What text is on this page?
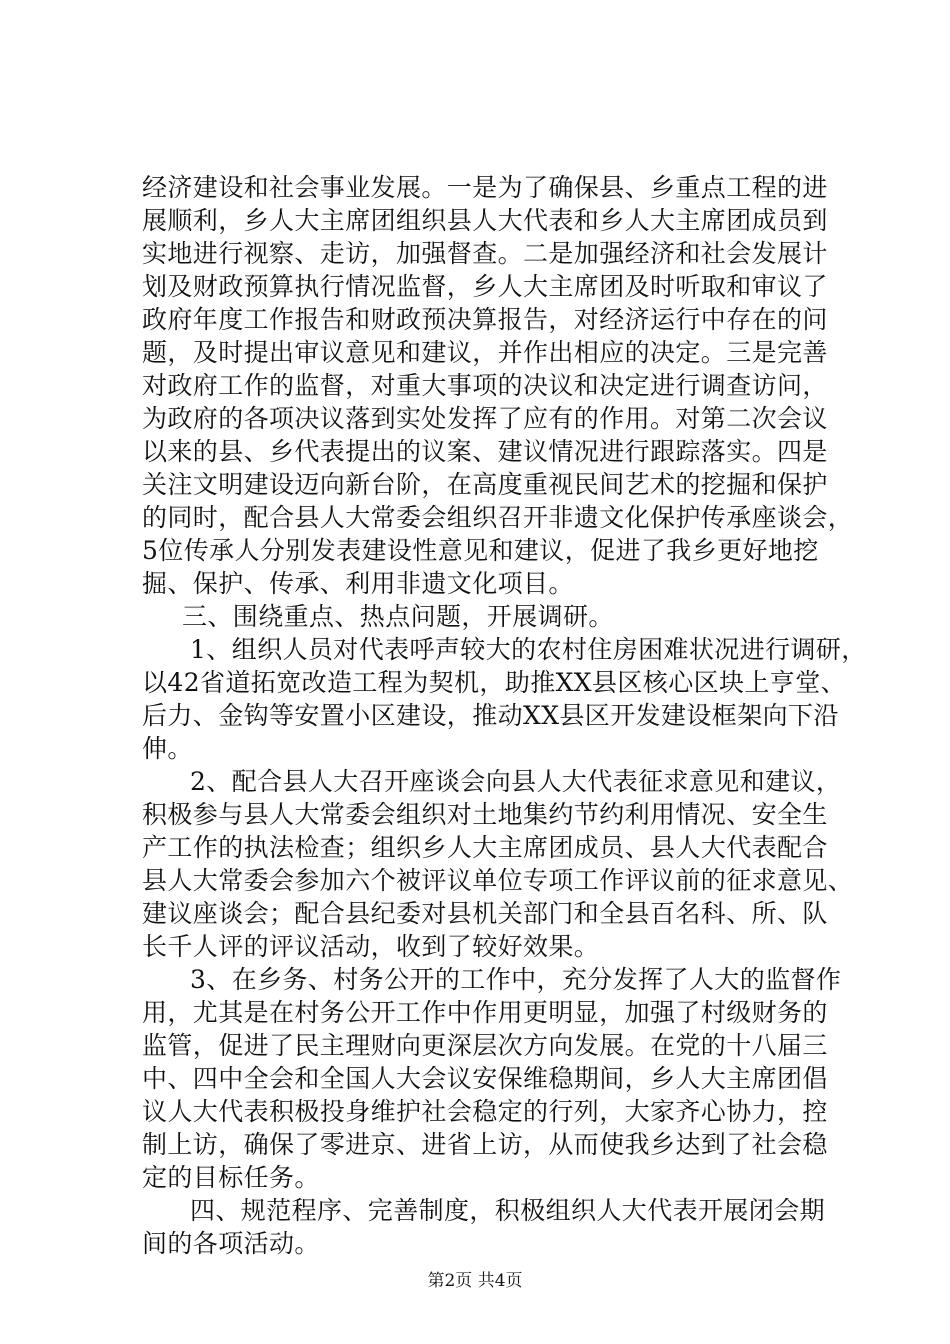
经济建设和社会事业发展。一是为了确保县、乡重点工程的进
展顺利，乡人大主席团组织县人大代表和乡人大主席团成员到
实地进行视察、走访，加强督查。二是加强经济和社会发展计
划及财政预算执行情况监督，乡人大主席团及时听取和审议了
政府年度工作报告和财政预决算报告，对经济运行中存在的问
题，及时提出审议意见和建议，并作出相应的决定。三是完善
对政府工作的监督，对重大事项的决议和决定进行调查访问，
为政府的各项决议落到实处发挥了应有的作用。对第二次会议
以来的县、乡代表提出的议案、建议情况进行跟踪落实。四是
关注文明建设迈向新台阶，在高度重视民间艺术的挖掘和保护
的同时，配合县人大常委会组织召开非遗文化保护传承座谈会，
5位传承人分别发表建设性意见和建议，促进了我乡更好地挖
掘、保护、传承、利用非遗文化项目。
三、围绕重点、热点问题，开展调研。
1、组织人员对代表呼声较大的农村住房困难状况进行调研，
以42省道拓宽改造工程为契机，助推XX县区核心区块上亨堂、
后力、金钩等安置小区建设，推动XX县区开发建设框架向下沿
伸。
2、配合县人大召开座谈会向县人大代表征求意见和建议，
积极参与县人大常委会组织对土地集约节约利用情况、安全生
产工作的执法检查；组织乡人大主席团成员、县人大代表配合
县人大常委会参加六个被评议单位专项工作评议前的征求意见、
建议座谈会；配合县纪委对县机关部门和全县百名科、所、队
长千人评的评议活动，收到了较好效果。
3、在乡务、村务公开的工作中，充分发挥了人大的监督作
用，尤其是在村务公开工作中作用更明显，加强了村级财务的
监管，促进了民主理财向更深层次方向发展。在党的十八届三
中、四中全会和全国人大会议安保维稳期间，乡人大主席团倡
议人大代表积极投身维护社会稳定的行列，大家齐心协力，控
制上访，确保了零进京、进省上访，从而使我乡达到了社会稳
定的目标任务。
四、规范程序、完善制度，积极组织人大代表开展闭会期
间的各项活动。
第2页 共4页
